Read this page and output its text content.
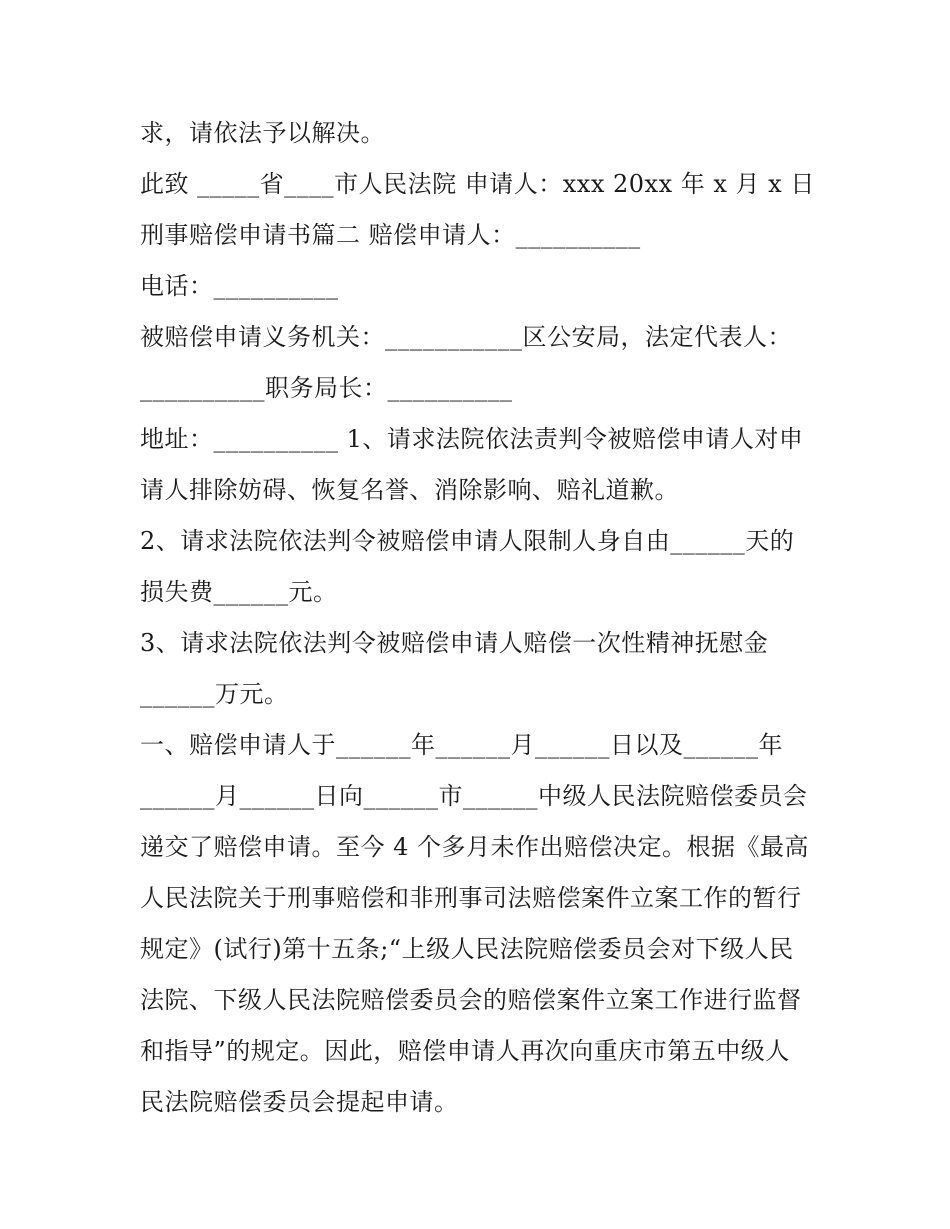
求，请依法予以解决。
此致 _____省____市人民法院 申请人：xxx 20xx 年 x 月 x 日
刑事赔偿申请书篇二 赔偿申请人：__________
电话：__________
被赔偿申请义务机关：___________区公安局，法定代表人：
__________职务局长：__________
地址：__________ 1、请求法院依法责判令被赔偿申请人对申
请人排除妨碍、恢复名誉、消除影响、赔礼道歉。
2、请求法院依法判令被赔偿申请人限制人身自由______天的
损失费______元。
3、请求法院依法判令被赔偿申请人赔偿一次性精神抚慰金
______万元。
一、赔偿申请人于______年______月______日以及______年
______月______日向______市______中级人民法院赔偿委员会
递交了赔偿申请。至今 4 个多月未作出赔偿决定。根据《最高
人民法院关于刑事赔偿和非刑事司法赔偿案件立案工作的暂行
规定》(试行)第十五条;“上级人民法院赔偿委员会对下级人民
法院、下级人民法院赔偿委员会的赔偿案件立案工作进行监督
和指导”的规定。因此，赔偿申请人再次向重庆市第五中级人
民法院赔偿委员会提起申请。
